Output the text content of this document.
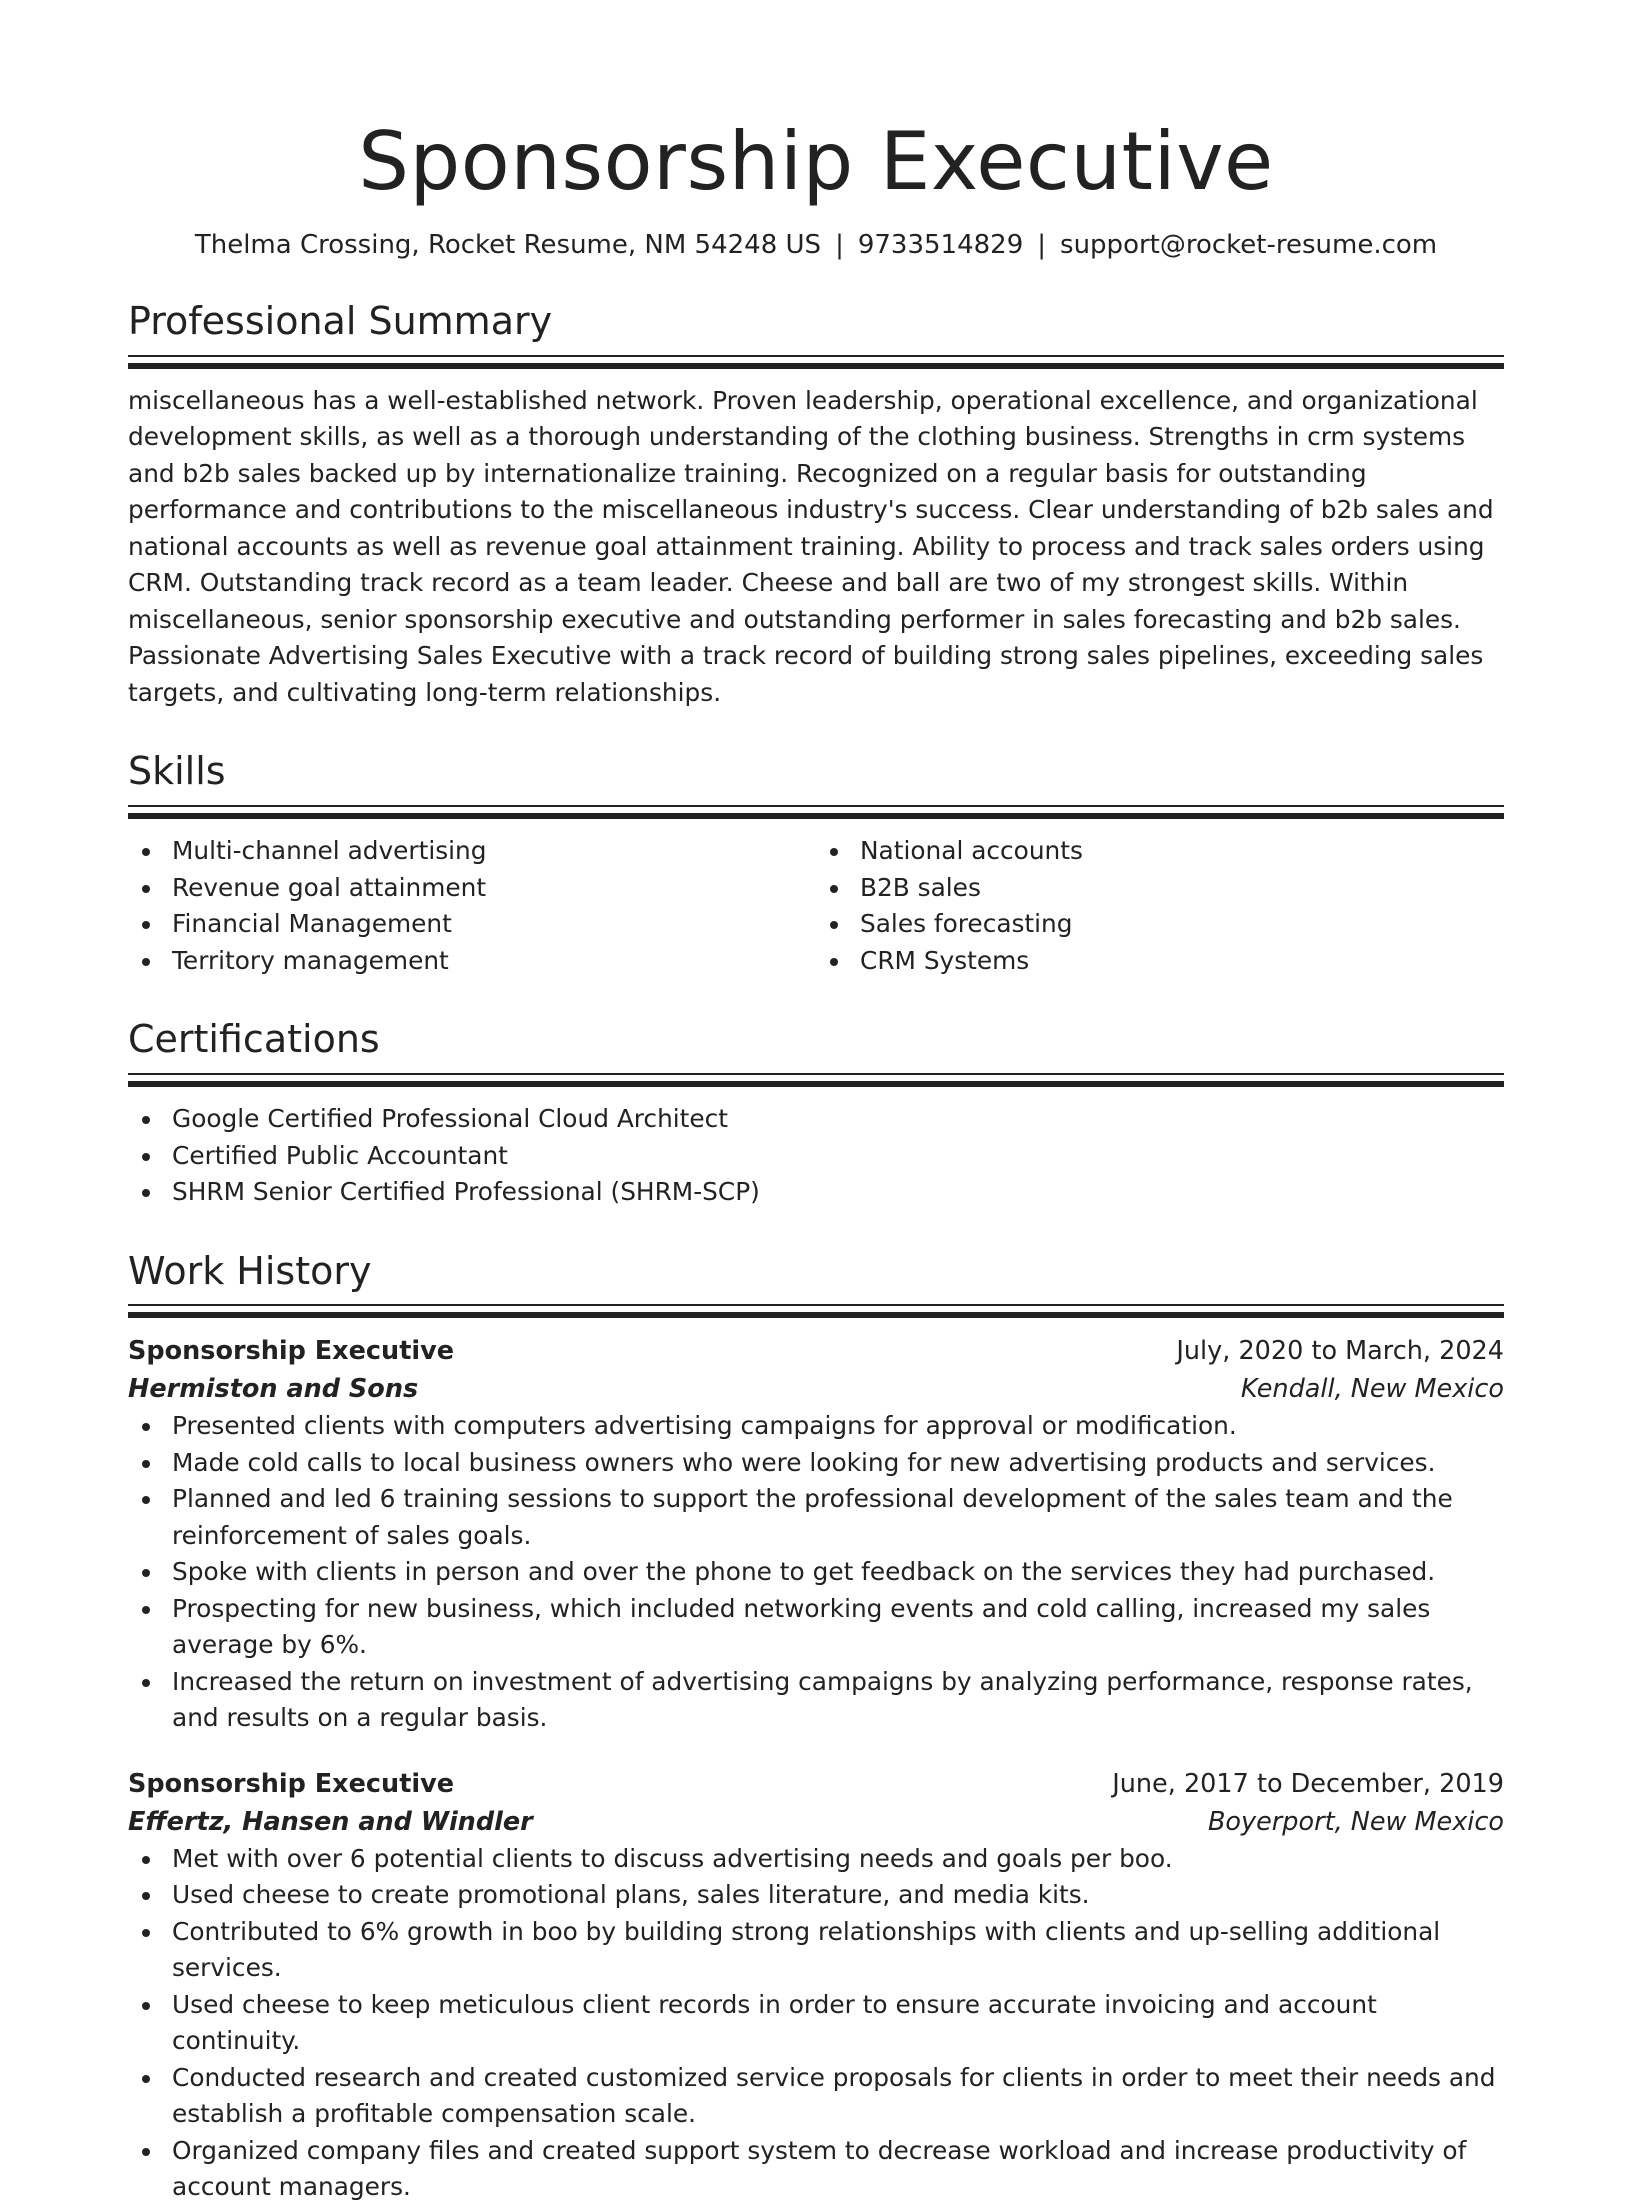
Sponsorship Executive
Thelma Crossing, Rocket Resume, NM 54248 US | 9733514829 | support@rocket-resume.com
Professional Summary

miscellaneous has a well-established network. Proven leadership, operational excellence, and organizational development skills, as well as a thorough understanding of the clothing business. Strengths in crm systems and b2b sales backed up by internationalize training. Recognized on a regular basis for outstanding performance and contributions to the miscellaneous industry's success. Clear understanding of b2b sales and national accounts as well as revenue goal attainment training. Ability to process and track sales orders using CRM. Outstanding track record as a team leader. Cheese and ball are two of my strongest skills. Within miscellaneous, senior sponsorship executive and outstanding performer in sales forecasting and b2b sales. Passionate Advertising Sales Executive with a track record of building strong sales pipelines, exceeding sales targets, and cultivating long-term relationships.

Skills
Multi-channel advertising
Revenue goal attainment
Financial Management
Territory management
National accounts
B2B sales
Sales forecasting
CRM Systems
Certifications
Google Certified Professional Cloud Architect
Certified Public Accountant
SHRM Senior Certified Professional (SHRM-SCP)
Work History
Sponsorship Executive	July, 2020 to March, 2024
Hermiston and Sons	Kendall, New Mexico
Presented clients with computers advertising campaigns for approval or modification.
Made cold calls to local business owners who were looking for new advertising products and services.
Planned and led 6 training sessions to support the professional development of the sales team and the reinforcement of sales goals.
Spoke with clients in person and over the phone to get feedback on the services they had purchased.
Prospecting for new business, which included networking events and cold calling, increased my sales average by 6%.
Increased the return on investment of advertising campaigns by analyzing performance, response rates, and results on a regular basis.
Sponsorship Executive	June, 2017 to December, 2019
Effertz, Hansen and Windler	Boyerport, New Mexico
Met with over 6 potential clients to discuss advertising needs and goals per boo.
Used cheese to create promotional plans, sales literature, and media kits.
Contributed to 6% growth in boo by building strong relationships with clients and up-selling additional services.
Used cheese to keep meticulous client records in order to ensure accurate invoicing and account continuity.
Conducted research and created customized service proposals for clients in order to meet their needs and establish a profitable compensation scale.
Organized company files and created support system to decrease workload and increase productivity of account managers.
